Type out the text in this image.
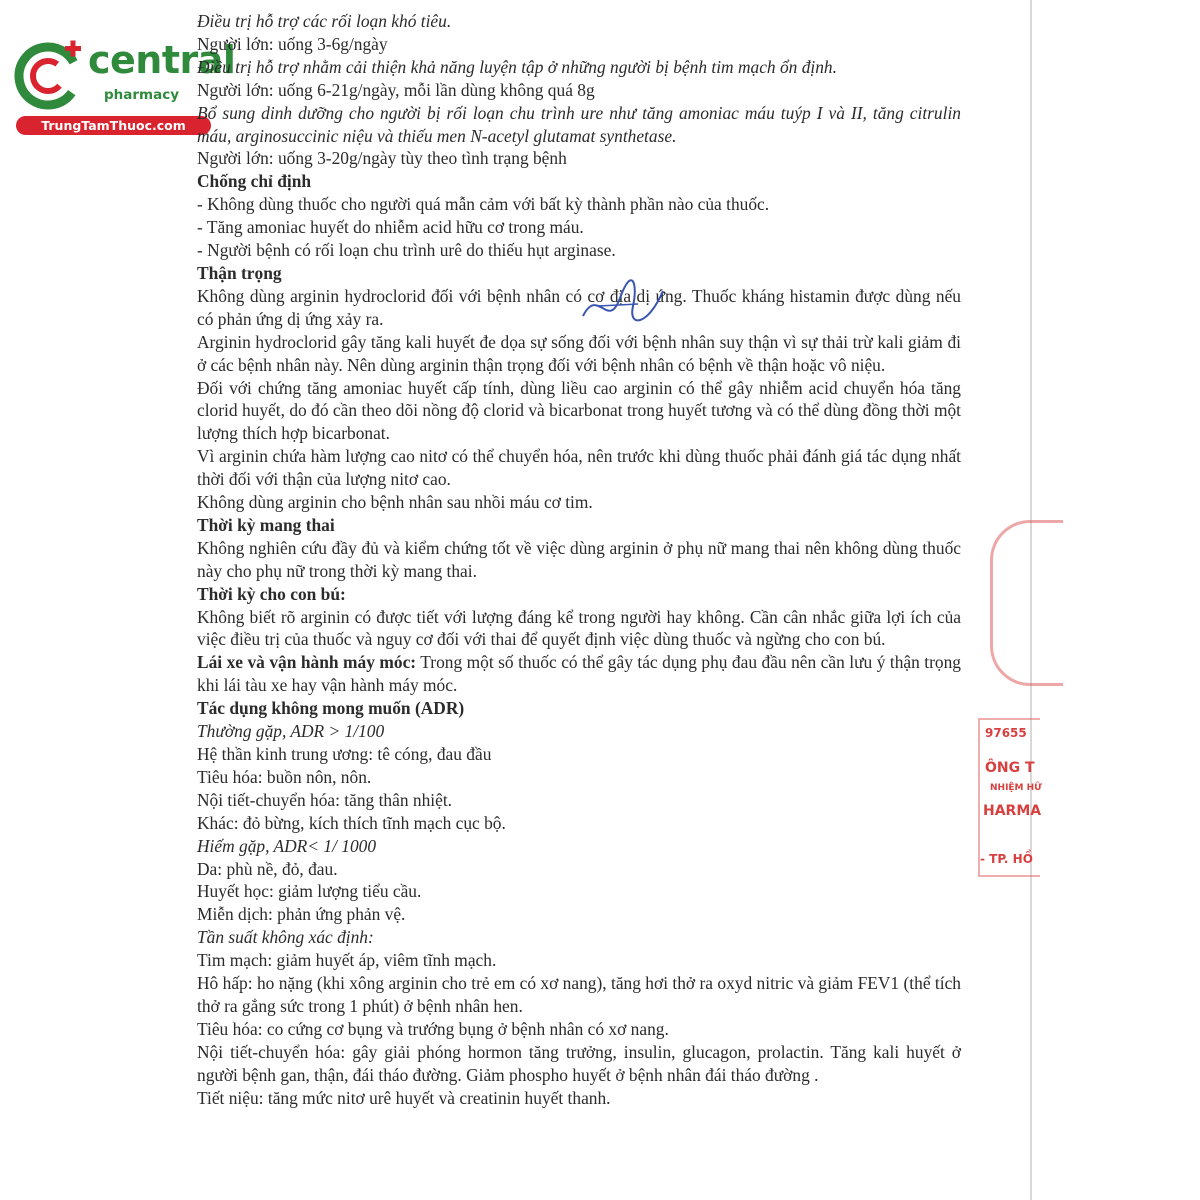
central
pharmacy
TrungTamThuoc.com

Điều trị hỗ trợ các rối loạn khó tiêu.

Người lớn: uống 3-6g/ngày

Điều trị hỗ trợ nhằm cải thiện khả năng luyện tập ở những người bị bệnh tim mạch ổn định.

Người lớn: uống 6-21g/ngày, mỗi lần dùng không quá 8g

Bổ sung dinh dưỡng cho người bị rối loạn chu trình ure như tăng amoniac máu tuýp I và II, tăng citrulin máu, arginosuccinic niệu và thiếu men N-acetyl glutamat synthetase.

Người lớn: uống 3-20g/ngày tùy theo tình trạng bệnh

Chống chỉ định

- Không dùng thuốc cho người quá mẫn cảm với bất kỳ thành phần nào của thuốc.

- Tăng amoniac huyết do nhiễm acid hữu cơ trong máu.

- Người bệnh có rối loạn chu trình urê do thiếu hụt arginase.

Thận trọng

Không dùng arginin hydroclorid đối với bệnh nhân có cơ địa dị ứng. Thuốc kháng histamin được dùng nếu có phản ứng dị ứng xảy ra.

Arginin hydroclorid gây tăng kali huyết đe dọa sự sống đối với bệnh nhân suy thận vì sự thải trừ kali giảm đi ở các bệnh nhân này. Nên dùng arginin thận trọng đối với bệnh nhân có bệnh về thận hoặc vô niệu.

Đối với chứng tăng amoniac huyết cấp tính, dùng liều cao arginin có thể gây nhiễm acid chuyển hóa tăng clorid huyết, do đó cần theo dõi nồng độ clorid và bicarbonat trong huyết tương và có thể dùng đồng thời một lượng thích hợp bicarbonat.

Vì arginin chứa hàm lượng cao nitơ có thể chuyển hóa, nên trước khi dùng thuốc phải đánh giá tác dụng nhất thời đối với thận của lượng nitơ cao.

Không dùng arginin cho bệnh nhân sau nhồi máu cơ tim.

Thời kỳ mang thai

Không nghiên cứu đầy đủ và kiểm chứng tốt về việc dùng arginin ở phụ nữ mang thai nên không dùng thuốc này cho phụ nữ trong thời kỳ mang thai.

Thời kỳ cho con bú:

Không biết rõ arginin có được tiết với lượng đáng kể trong người hay không. Cần cân nhắc giữa lợi ích của việc điều trị của thuốc và nguy cơ đối với thai để quyết định việc dùng thuốc và ngừng cho con bú.

Lái xe và vận hành máy móc: Trong một số thuốc có thể gây tác dụng phụ đau đầu nên cần lưu ý thận trọng khi lái tàu xe hay vận hành máy móc.

Tác dụng không mong muốn (ADR)

Thường gặp, ADR > 1/100

Hệ thần kinh trung ương: tê cóng, đau đầu

Tiêu hóa: buồn nôn, nôn.

Nội tiết-chuyển hóa: tăng thân nhiệt.

Khác: đỏ bừng, kích thích tĩnh mạch cục bộ.

Hiếm gặp, ADR< 1/ 1000

Da: phù nề, đỏ, đau.

Huyết học: giảm lượng tiểu cầu.

Miễn dịch: phản ứng phản vệ.

Tần suất không xác định:

Tim mạch: giảm huyết áp, viêm tĩnh mạch.

Hô hấp: ho nặng (khi xông arginin cho trẻ em có xơ nang), tăng hơi thở ra oxyd nitric và giảm FEV1 (thể tích thở ra gắng sức trong 1 phút) ở bệnh nhân hen.

Tiêu hóa: co cứng cơ bụng và trướng bụng ở bệnh nhân có xơ nang.

Nội tiết-chuyển hóa: gây giải phóng hormon tăng trưởng, insulin, glucagon, prolactin. Tăng kali huyết ở người bệnh gan, thận, đái tháo đường. Giảm phospho huyết ở bệnh nhân đái tháo đường .

Tiết niệu: tăng mức nitơ urê huyết và creatinin huyết thanh.

97655
ÔNG T
NHIỆM HỮ
HARMA
- TP. HỒ
